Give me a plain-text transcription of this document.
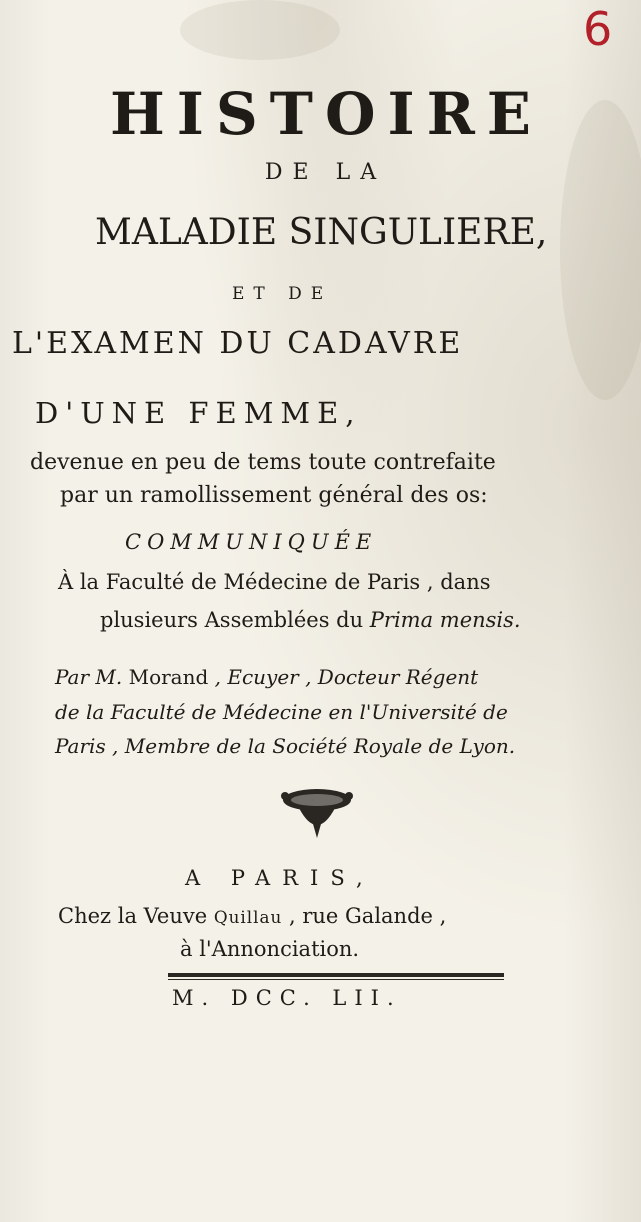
6
HISTOIRE
DE LA
MALADIE SINGULIERE,
ET DE
L'EXAMEN DU CADAVRE
D'UNE FEMME,
devenue en peu de tems toute contrefaite
par un ramollissement général des os:
COMMUNIQUÉE
À la Faculté de Médecine de Paris , dans
plusieurs Assemblées du Prima mensis.
Par M. Morand , Ecuyer , Docteur Régent
de la Faculté de Médecine en l'Université de
Paris , Membre de la Société Royale de Lyon.
A PARIS,
Chez la Veuve Quillau , rue Galande ,
à l'Annonciation.
M. DCC. LII.
